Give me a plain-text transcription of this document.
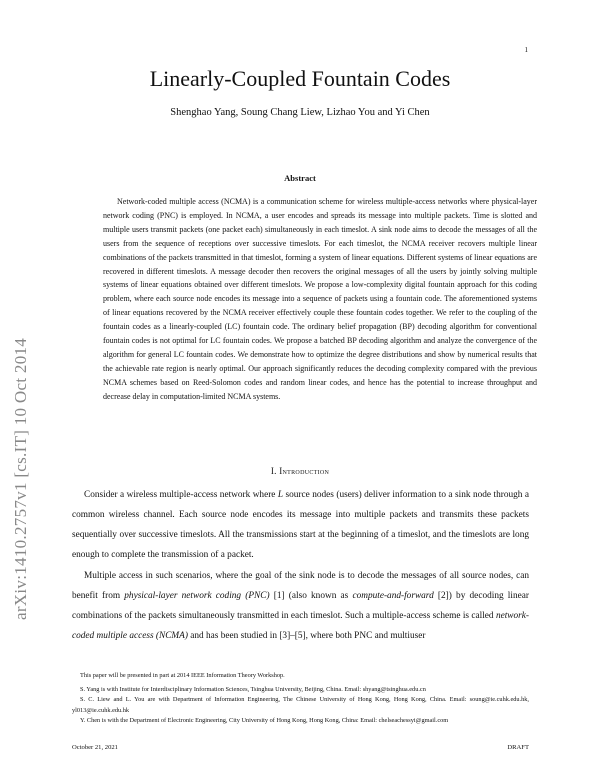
1
arXiv:1410.2757v1 [cs.IT] 10 Oct 2014
Linearly-Coupled Fountain Codes
Shenghao Yang, Soung Chang Liew, Lizhao You and Yi Chen
Abstract
Network-coded multiple access (NCMA) is a communication scheme for wireless multiple-access networks where physical-layer network coding (PNC) is employed. In NCMA, a user encodes and spreads its message into multiple packets. Time is slotted and multiple users transmit packets (one packet each) simultaneously in each timeslot. A sink node aims to decode the messages of all the users from the sequence of receptions over successive timeslots. For each timeslot, the NCMA receiver recovers multiple linear combinations of the packets transmitted in that timeslot, forming a system of linear equations. Different systems of linear equations are recovered in different timeslots. A message decoder then recovers the original messages of all the users by jointly solving multiple systems of linear equations obtained over different timeslots. We propose a low-complexity digital fountain approach for this coding problem, where each source node encodes its message into a sequence of packets using a fountain code. The aforementioned systems of linear equations recovered by the NCMA receiver effectively couple these fountain codes together. We refer to the coupling of the fountain codes as a linearly-coupled (LC) fountain code. The ordinary belief propagation (BP) decoding algorithm for conventional fountain codes is not optimal for LC fountain codes. We propose a batched BP decoding algorithm and analyze the convergence of the algorithm for general LC fountain codes. We demonstrate how to optimize the degree distributions and show by numerical results that the achievable rate region is nearly optimal. Our approach significantly reduces the decoding complexity compared with the previous NCMA schemes based on Reed-Solomon codes and random linear codes, and hence has the potential to increase throughput and decrease delay in computation-limited NCMA systems.
I. Introduction
Consider a wireless multiple-access network where L source nodes (users) deliver information to a sink node through a common wireless channel. Each source node encodes its message into multiple packets and transmits these packets sequentially over successive timeslots. All the transmissions start at the beginning of a timeslot, and the timeslots are long enough to complete the transmission of a packet.
Multiple access in such scenarios, where the goal of the sink node is to decode the messages of all source nodes, can benefit from physical-layer network coding (PNC) [1] (also known as compute-and-forward [2]) by decoding linear combinations of the packets simultaneously transmitted in each timeslot. Such a multiple-access scheme is called network-coded multiple access (NCMA) and has been studied in [3]–[5], where both PNC and multiuser
This paper will be presented in part at 2014 IEEE Information Theory Workshop.
S. Yang is with Institute for Interdisciplinary Information Sciences, Tsinghua University, Beijing, China. Email: shyang@tsinghua.edu.cn
S. C. Liew and L. You are with Department of Information Engineering, The Chinese University of Hong Kong, Hong Kong, China. Email: soung@ie.cuhk.edu.hk, yl013@ie.cuhk.edu.hk
Y. Chen is with the Department of Electronic Engineering, City University of Hong Kong, Hong Kong, China: Email: chelseachessyi@gmail.com
October 21, 2021	DRAFT
